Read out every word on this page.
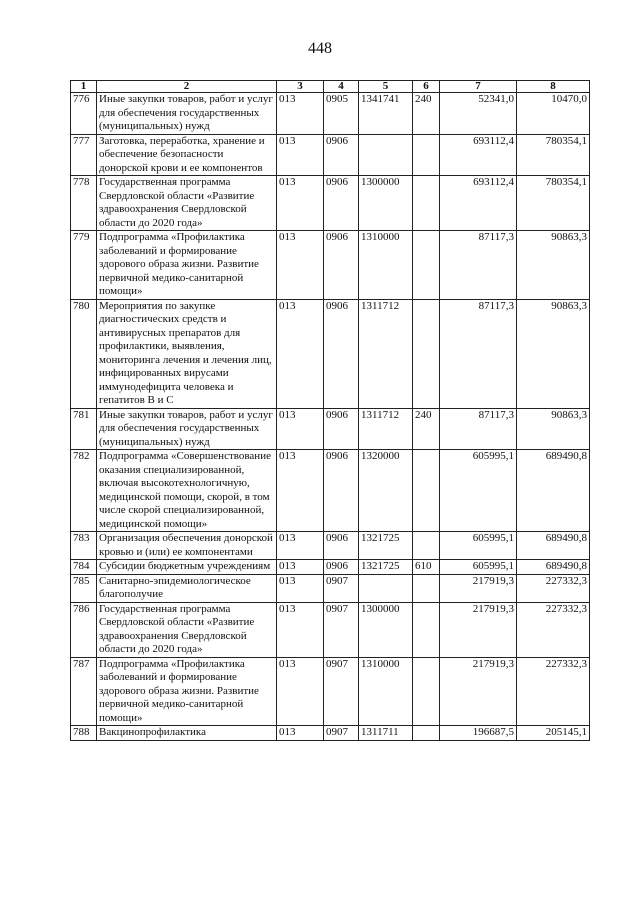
448
1	2	3	4	5	6	7	8
776	Иные закупки товаров, работ и услуг для обеспечения государственных (муниципальных) нужд	013	0905	1341741	240	52341,0	10470,0
777	Заготовка, переработка, хранение и обеспечение безопасности донорской крови и ее компонентов	013	0906			693112,4	780354,1
778	Государственная программа Свердловской области «Развитие здравоохранения Свердловской области до 2020 года»	013	0906	1300000		693112,4	780354,1
779	Подпрограмма «Профилактика заболеваний и формирование здорового образа жизни. Развитие первичной медико-санитарной помощи»	013	0906	1310000		87117,3	90863,3
780	Мероприятия по закупке диагностических средств и антивирусных препаратов для профилактики, выявления, мониторинга лечения и лечения лиц, инфицированных вирусами иммунодефицита человека и гепатитов В и С	013	0906	1311712		87117,3	90863,3
781	Иные закупки товаров, работ и услуг для обеспечения государственных (муниципальных) нужд	013	0906	1311712	240	87117,3	90863,3
782	Подпрограмма «Совершенствование оказания специализированной, включая высокотехнологичную, медицинской помощи, скорой, в том числе скорой специализированной, медицинской помощи»	013	0906	1320000		605995,1	689490,8
783	Организация обеспечения донорской кровью и (или) ее компонентами	013	0906	1321725		605995,1	689490,8
784	Субсидии бюджетным учреждениям	013	0906	1321725	610	605995,1	689490,8
785	Санитарно-эпидемиологическое благополучие	013	0907			217919,3	227332,3
786	Государственная программа Свердловской области «Развитие здравоохранения Свердловской области до 2020 года»	013	0907	1300000		217919,3	227332,3
787	Подпрограмма «Профилактика заболеваний и формирование здорового образа жизни. Развитие первичной медико-санитарной помощи»	013	0907	1310000		217919,3	227332,3
788	Вакцинопрофилактика	013	0907	1311711		196687,5	205145,1
